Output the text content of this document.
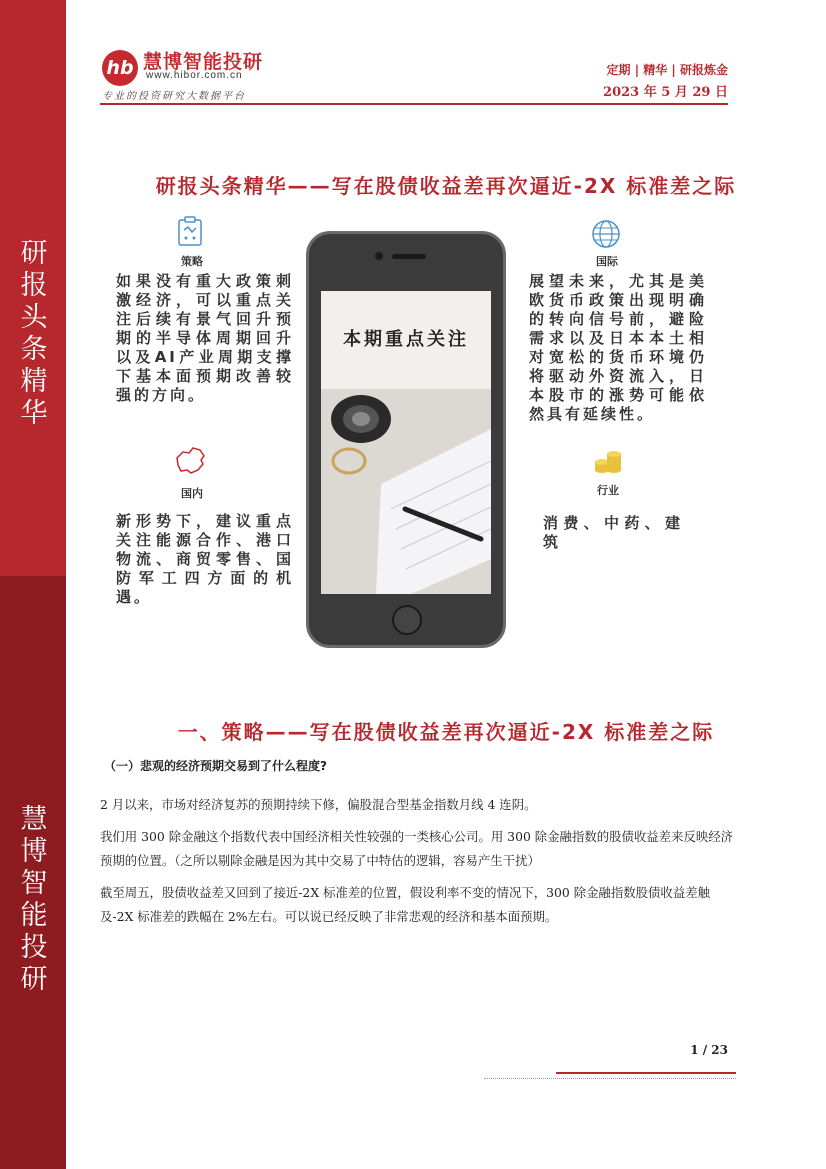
研
报
头
条
精
华
慧
博
智
能
投
研
hb 慧博智能投研
www.hibor.com.cn
专业的投资研究大数据平台
定期 | 精华 | 研报炼金
2023 年 5 月 29 日
研报头条精华——写在股债收益差再次逼近-2X 标准差之际
策略
如果没有重大政策刺激经济，可以重点关注后续有景气回升预期的半导体周期回升以及AI产业周期支撑下基本面预期改善较强的方向。
国内
新形势下，建议重点关注能源合作、港口物流、商贸零售、国防军工四方面的机遇。
国际
展望未来，尤其是美欧货币政策出现明确的转向信号前，避险需求以及日本本土相对宽松的货币环境仍将驱动外资流入，日本股市的涨势可能依然具有延续性。
行业
消费、中药、建筑
本期重点关注
一、策略——写在股债收益差再次逼近-2X 标准差之际
（一）悲观的经济预期交易到了什么程度?

2 月以来，市场对经济复苏的预期持续下修，偏股混合型基金指数月线 4 连阴。

我们用 300 除金融这个指数代表中国经济相关性较强的一类核心公司。用 300 除金融指数的股债收益差来反映经济预期的位置。（之所以剔除金融是因为其中交易了中特估的逻辑，容易产生干扰）

截至周五，股债收益差又回到了接近-2X 标准差的位置，假设利率不变的情况下，300 除金融指数股债收益差触及-2X 标准差的跌幅在 2%左右。可以说已经反映了非常悲观的经济和基本面预期。

1 / 23
